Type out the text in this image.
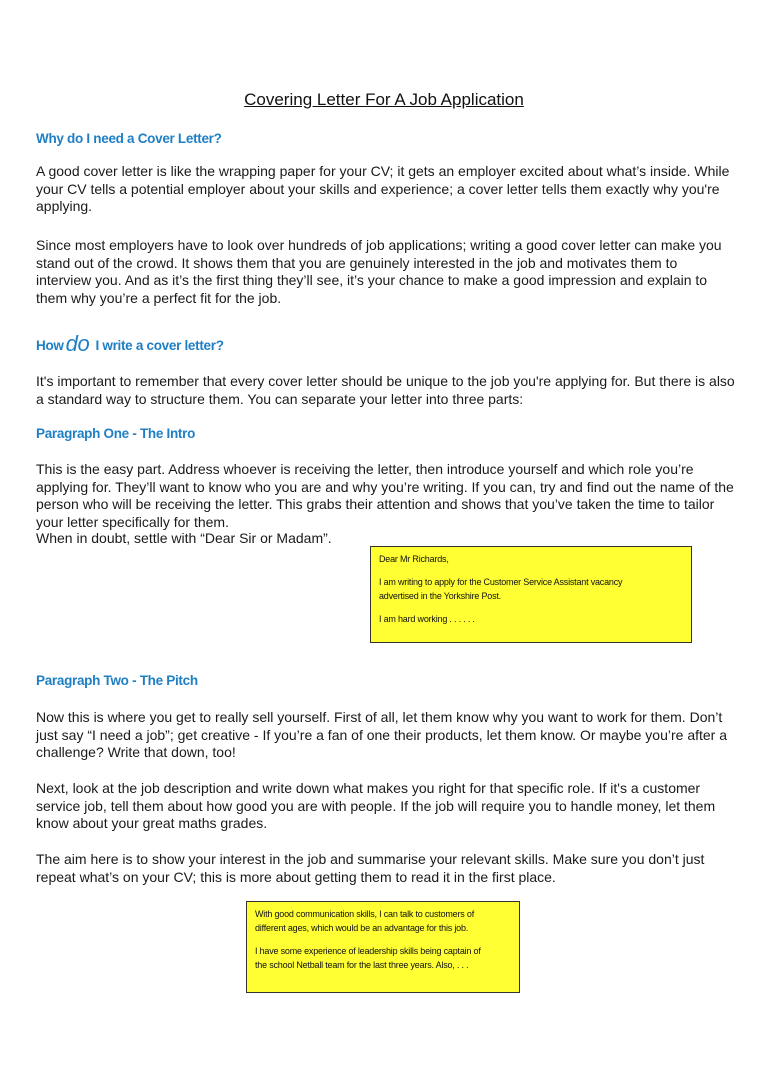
Covering Letter For A Job Application
Why do I need a Cover Letter?
A good cover letter is like the wrapping paper for your CV; it gets an employer excited about what’s inside. While your CV tells a potential employer about your skills and experience; a cover letter tells them exactly why you're applying.
Since most employers have to look over hundreds of job applications; writing a good cover letter can make you stand out of the crowd. It shows them that you are genuinely interested in the job and motivates them to interview you. And as it’s the first thing they’ll see, it’s your chance to make a good impression and explain to them why you’re a perfect fit for the job.
Howdo I write a cover letter?
It's important to remember that every cover letter should be unique to the job you're applying for. But there is also a standard way to structure them. You can separate your letter into three parts:
Paragraph One - The Intro
This is the easy part. Address whoever is receiving the letter, then introduce yourself and which role you’re applying for. They’ll want to know who you are and why you’re writing. If you can, try and find out the name of the person who will be receiving the letter. This grabs their attention and shows that you’ve taken the time to tailor your letter specifically for them.
When in doubt, settle with “Dear Sir or Madam”.

Dear Mr Richards,

I am writing to apply for the Customer Service Assistant vacancy

advertised in the Yorkshire Post.

I am hard working . . . . . .

Paragraph Two - The Pitch
Now this is where you get to really sell yourself. First of all, let them know why you want to work for them. Don’t just say “I need a job”; get creative - If you’re a fan of one their products, let them know. Or maybe you’re after a challenge? Write that down, too!
Next, look at the job description and write down what makes you right for that specific role. If it's a customer service job, tell them about how good you are with people. If the job will require you to handle money, let them know about your great maths grades.
The aim here is to show your interest in the job and summarise your relevant skills. Make sure you don’t just repeat what’s on your CV; this is more about getting them to read it in the first place.

With good communication skills, I can talk to customers of

different ages, which would be an advantage for this job.

I have some experience of leadership skills being captain of

the school Netball team for the last three years. Also, . . .
